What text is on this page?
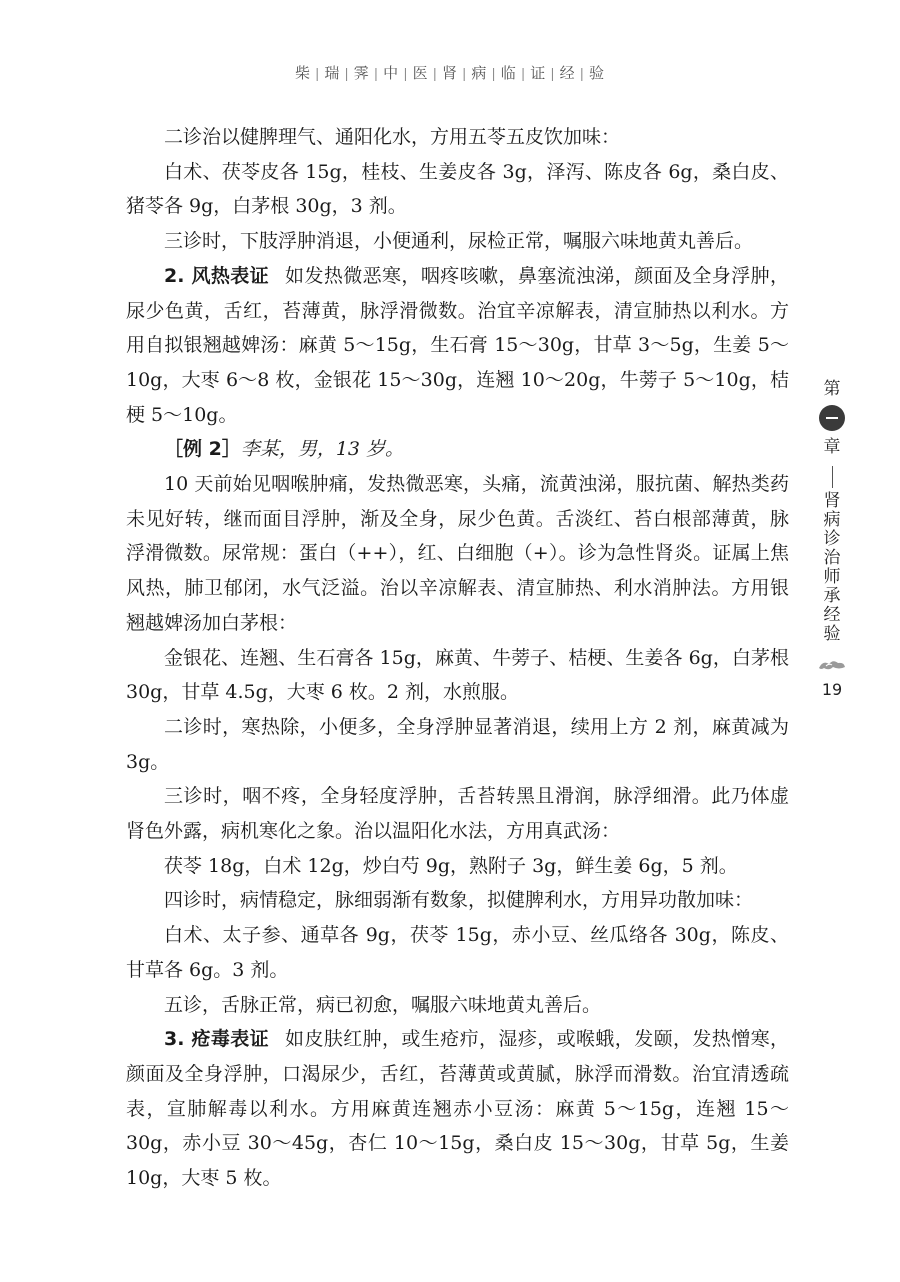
柴 | 瑞 | 霁 | 中 | 医 | 肾 | 病 | 临 | 证 | 经 | 验

二诊治以健脾理气、通阳化水，方用五苓五皮饮加味：

白术、茯苓皮各 15g，桂枝、生姜皮各 3g，泽泻、陈皮各 6g，桑白皮、猪苓各 9g，白茅根 30g，3 剂。

三诊时，下肢浮肿消退，小便通利，尿检正常，嘱服六味地黄丸善后。

2. 风热表证 如发热微恶寒，咽疼咳嗽，鼻塞流浊涕，颜面及全身浮肿，尿少色黄，舌红，苔薄黄，脉浮滑微数。治宜辛凉解表，清宣肺热以利水。方用自拟银翘越婢汤：麻黄 5～15g，生石膏 15～30g，甘草 3～5g，生姜 5～10g，大枣 6～8 枚，金银花 15～30g，连翘 10～20g，牛蒡子 5～10g，桔梗 5～10g。

［例 2］李某，男，13 岁。

10 天前始见咽喉肿痛，发热微恶寒，头痛，流黄浊涕，服抗菌、解热类药未见好转，继而面目浮肿，渐及全身，尿少色黄。舌淡红、苔白根部薄黄，脉浮滑微数。尿常规：蛋白（++），红、白细胞（+）。诊为急性肾炎。证属上焦风热，肺卫郁闭，水气泛溢。治以辛凉解表、清宣肺热、利水消肿法。方用银翘越婢汤加白茅根：

金银花、连翘、生石膏各 15g，麻黄、牛蒡子、桔梗、生姜各 6g，白茅根 30g，甘草 4.5g，大枣 6 枚。2 剂，水煎服。

二诊时，寒热除，小便多，全身浮肿显著消退，续用上方 2 剂，麻黄减为 3g。

三诊时，咽不疼，全身轻度浮肿，舌苔转黑且滑润，脉浮细滑。此乃体虚肾色外露，病机寒化之象。治以温阳化水法，方用真武汤：

茯苓 18g，白术 12g，炒白芍 9g，熟附子 3g，鲜生姜 6g，5 剂。

四诊时，病情稳定，脉细弱渐有数象，拟健脾利水，方用异功散加味：

白术、太子参、通草各 9g，茯苓 15g，赤小豆、丝瓜络各 30g，陈皮、甘草各 6g。3 剂。

五诊，舌脉正常，病已初愈，嘱服六味地黄丸善后。

3. 疮毒表证 如皮肤红肿，或生疮疖，湿疹，或喉蛾，发颐，发热憎寒，颜面及全身浮肿，口渴尿少，舌红，苔薄黄或黄腻，脉浮而滑数。治宜清透疏表，宣肺解毒以利水。方用麻黄连翘赤小豆汤：麻黄 5～15g，连翘 15～30g，赤小豆 30～45g，杏仁 10～15g，桑白皮 15～30g，甘草 5g，生姜 10g，大枣 5 枚。

第
章
肾
病
诊
治
师
承
经
验
19
